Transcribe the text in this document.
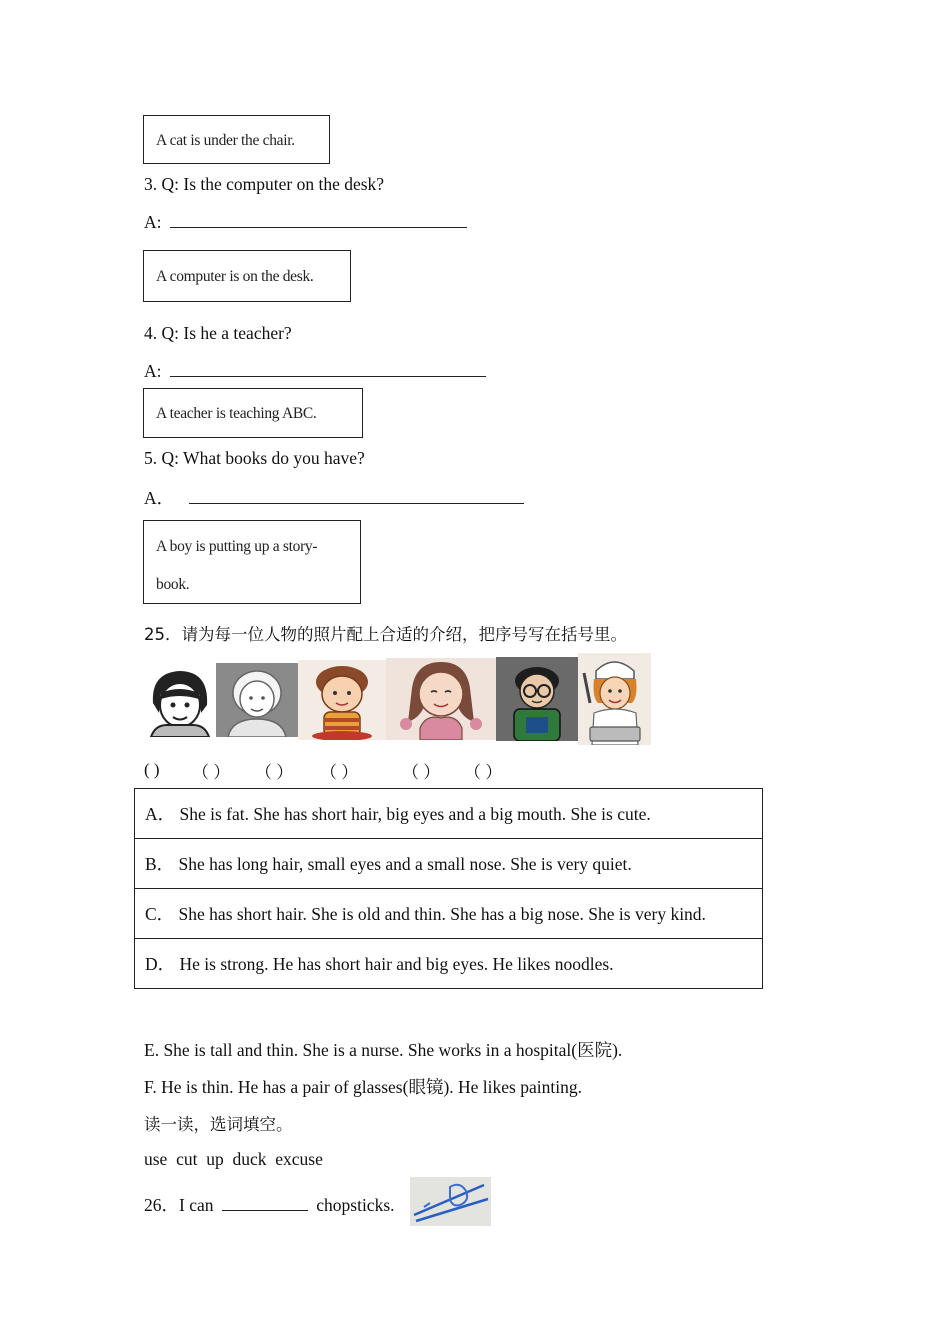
A cat is under the chair.
3. Q: Is the computer on the desk?
A:
A computer is on the desk.
4. Q: Is he a teacher?
A:
A teacher is teaching ABC.
5. Q: What books do you have?
A．
A boy is putting up a story-
book.
25．请为每一位人物的照片配上合适的介绍，把序号写在括号里。
( ) （ ） （ ） （ ）	（ ） （ ）
A． She is fat. She has short hair, big eyes and a big mouth. She is cute.
B． She has long hair, small eyes and a small nose. She is very quiet.
C． She has short hair. She is old and thin. She has a big nose. She is very kind.
D． He is strong. He has short hair and big eyes. He likes noodles.
E. She is tall and thin. She is a nurse. She works in a hospital(医院).
F. He is thin. He has a pair of glasses(眼镜). He likes painting.
读一读，选词填空。
use  cut  up  duck  excuse
26．I can	chopsticks.
